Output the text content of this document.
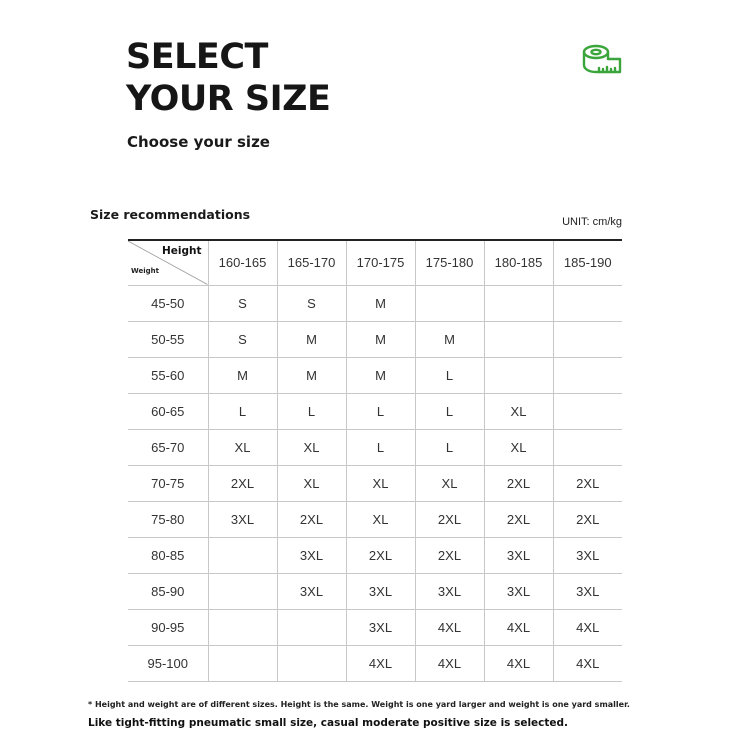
SELECT
YOUR SIZE
Choose your size
Size recommendations	UNIT: cm/kg
Height
Weight	160-165	165-170	170-175	175-180	180-185	185-190
45-50	S	S	M			
50-55	S	M	M	M		
55-60	M	M	M	L		
60-65	L	L	L	L	XL	
65-70	XL	XL	L	L	XL	
70-75	2XL	XL	XL	XL	2XL	2XL
75-80	3XL	2XL	XL	2XL	2XL	2XL
80-85		3XL	2XL	2XL	3XL	3XL
85-90		3XL	3XL	3XL	3XL	3XL
90-95			3XL	4XL	4XL	4XL
95-100			4XL	4XL	4XL	4XL
* Height and weight are of different sizes. Height is the same. Weight is one yard larger and weight is one yard smaller.
Like tight-fitting pneumatic small size, casual moderate positive size is selected.
